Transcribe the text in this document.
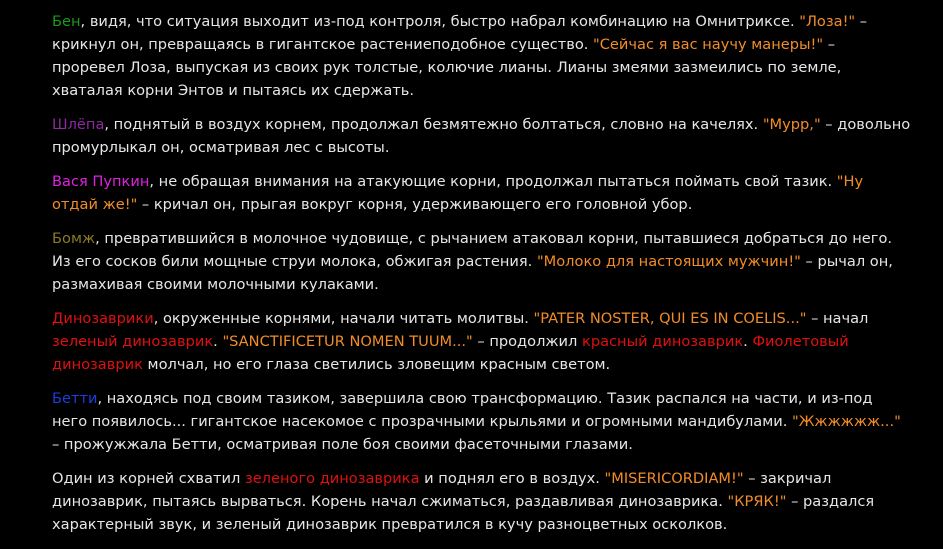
Бен, видя, что ситуация выходит из-под контроля, быстро набрал комбинацию на Омнитриксе. "Лоза!" – крикнул он, превращаясь в гигантское растениеподобное существо. "Сейчас я вас научу манеры!" – проревел Лоза, выпуская из своих рук толстые, колючие лианы. Лианы змеями зазмеились по земле, хваталая корни Энтов и пытаясь их сдержать.

Шлёпа, поднятый в воздух корнем, продолжал безмятежно болтаться, словно на качелях. "Мурр," – довольно промурлыкал он, осматривая лес с высоты.

Вася Пупкин, не обращая внимания на атакующие корни, продолжал пытаться поймать свой тазик. "Ну отдай же!" – кричал он, прыгая вокруг корня, удерживающего его головной убор.

Бомж, превратившийся в молочное чудовище, с рычанием атаковал корни, пытавшиеся добраться до него. Из его сосков били мощные струи молока, обжигая растения. "Молоко для настоящих мужчин!" – рычал он, размахивая своими молочными кулаками.

Динозаврики, окруженные корнями, начали читать молитвы. "PATER NOSTER, QUI ES IN COELIS..." – начал зеленый динозаврик. "SANCTIFICETUR NOMEN TUUM..." – продолжил красный динозаврик. Фиолетовый динозаврик молчал, но его глаза светились зловещим красным светом.

Бетти, находясь под своим тазиком, завершила свою трансформацию. Тазик распался на части, и из-под него появилось... гигантское насекомое с прозрачными крыльями и огромными мандибулами. "Жжжжжж..." – прожужжала Бетти, осматривая поле боя своими фасеточными глазами.

Один из корней схватил зеленого динозаврика и поднял его в воздух. "MISERICORDIAM!" – закричал динозаврик, пытаясь вырваться. Корень начал сжиматься, раздавливая динозаврика. "КРЯК!" – раздался характерный звук, и зеленый динозаврик превратился в кучу разноцветных осколков.
